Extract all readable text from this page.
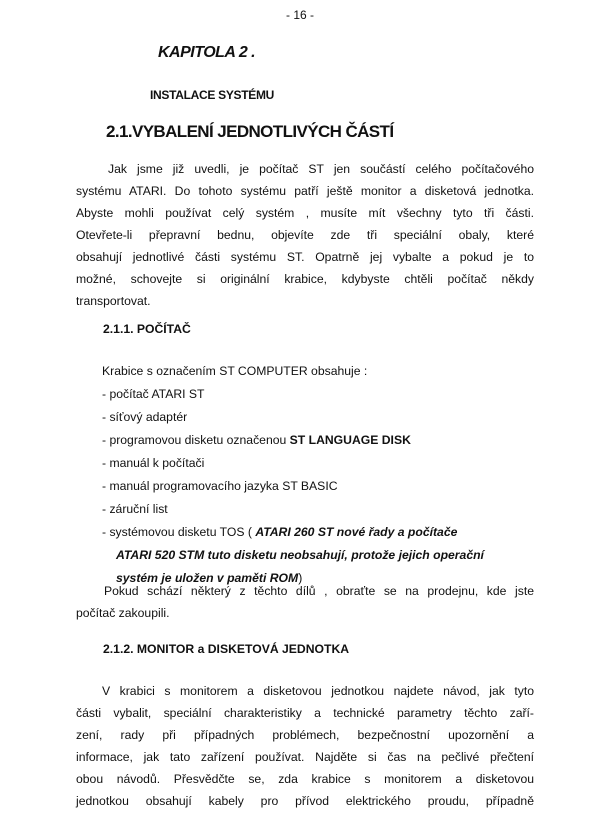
- 16 -
KAPITOLA 2 .
INSTALACE SYSTÉMU
2.1.VYBALENÍ JEDNOTLIVÝCH ČÁSTÍ
Jak jsme již uvedli, je počítač ST jen součástí celého počítačového
systému ATARI. Do tohoto systému patří ještě monitor a disketová jednotka.
Abyste mohli používat celý systém , musíte mít všechny tyto tři části.
Otevřete-li přepravní bednu, objevíte zde tři speciální obaly, které
obsahují jednotlivé části systému ST. Opatrně jej vybalte a pokud je to
možné, schovejte si originální krabice, kdybyste chtěli počítač někdy
transportovat.
2.1.1. POČÍTAČ
Krabice s označením ST COMPUTER obsahuje :
- počítač ATARI ST
- síťový adaptér
- programovou disketu označenou ST LANGUAGE DISK
- manuál k počítači
- manuál programovacího jazyka ST BASIC
- záruční list
- systémovou disketu TOS ( ATARI 260 ST nové řady a počítače
ATARI 520 STM tuto disketu neobsahují, protože jejich operační
systém je uložen v paměti ROM)
Pokud schází některý z těchto dílů , obraťte se na prodejnu, kde jste
počítač zakoupili.
2.1.2. MONITOR a DISKETOVÁ JEDNOTKA
V krabici s monitorem a disketovou jednotkou najdete návod, jak tyto
části vybalit, speciální charakteristiky a technické parametry těchto zaří-
zení, rady při případných problémech, bezpečnostní upozornění a
informace, jak tato zařízení používat. Najděte si čas na pečlivé přečtení
obou návodů. Přesvědčte se, zda krabice s monitorem a disketovou
jednotkou obsahují kabely pro přívod elektrického proudu, případně
